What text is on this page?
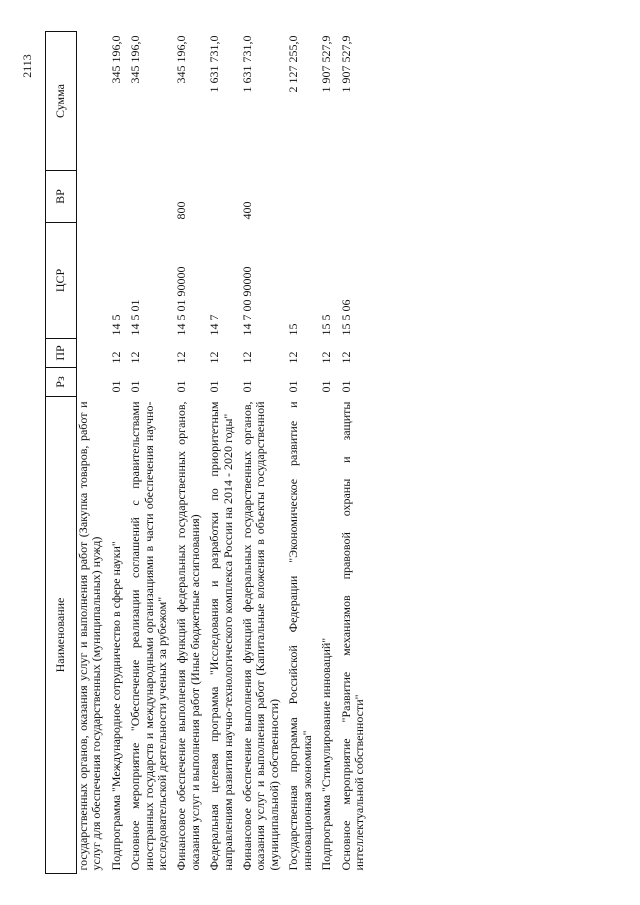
2113
Наименование	Рз	ПР	ЦСР	ВР	Сумма
государственных органов, оказания услуг и выполнения работ (Закупка товаров, работ и услуг для обеспечения государственных (муниципальных) нужд)					
Подпрограмма "Международное сотрудничество в сфере науки"	01	12	14 5		345 196,0
Основное мероприятие "Обеспечение реализации соглашений с правительствами иностранных государств и международными организациями в части обеспечения научно-исследовательской деятельности ученых за рубежом"	01	12	14 5 01		345 196,0
Финансовое обеспечение выполнения функций федеральных государственных органов, оказания услуг и выполнения работ (Иные бюджетные ассигнования)	01	12	14 5 01 90000	800	345 196,0
Федеральная целевая программа "Исследования и разработки по приоритетным направлениям развития научно-технологического комплекса России на 2014 - 2020 годы"	01	12	14 7		1 631 731,0
Финансовое обеспечение выполнения функций федеральных государственных органов, оказания услуг и выполнения работ (Капитальные вложения в объекты государственной (муниципальной) собственности)	01	12	14 7 00 90000	400	1 631 731,0
Государственная программа Российской Федерации "Экономическое развитие и инновационная экономика"	01	12	15		2 127 255,0
Подпрограмма "Стимулирование инноваций"	01	12	15 5		1 907 527,9
Основное мероприятие "Развитие механизмов правовой охраны и защиты интеллектуальной собственности"	01	12	15 5 06		1 907 527,9
